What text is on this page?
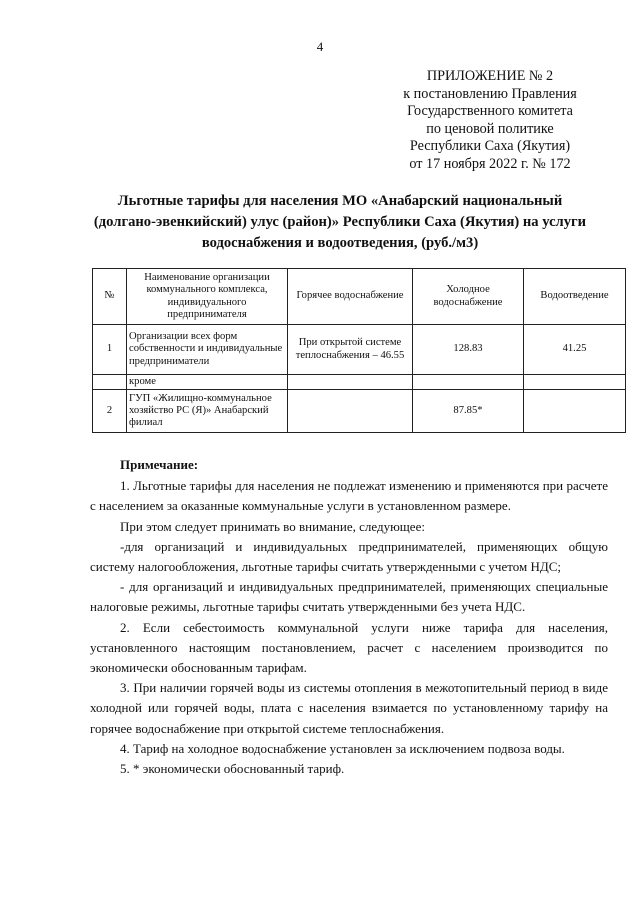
4
ПРИЛОЖЕНИЕ № 2
к постановлению Правления
Государственного комитета
по ценовой политике
Республики Саха (Якутия)
от 17 ноября 2022 г. № 172
Льготные тарифы для населения МО «Анабарский национальный (долгано-эвенкийский) улус (район)» Республики Саха (Якутия) на услуги водоснабжения и водоотведения, (руб./м3)
№	Наименование организации коммунального комплекса, индивидуального предпринимателя	Горячее водоснабжение	Холодное водоснабжение	Водоотведение
1	Организации всех форм собственности и индивидуальные предприниматели	При открытой системе теплоснабжения – 46.55	128.83	41.25
	кроме			
2	ГУП «Жилищно-коммунальное хозяйство РС (Я)» Анабарский филиал		87.85*	
Примечание:

1. Льготные тарифы для населения не подлежат изменению и применяются при расчете с населением за оказанные коммунальные услуги в установленном размере.

При этом следует принимать во внимание, следующее:

-для организаций и индивидуальных предпринимателей, применяющих общую систему налогообложения, льготные тарифы считать утвержденными с учетом НДС;

- для организаций и индивидуальных предпринимателей, применяющих специальные налоговые режимы, льготные тарифы считать утвержденными без учета НДС.

2. Если себестоимость коммунальной услуги ниже тарифа для населения, установленного настоящим постановлением, расчет с населением производится по экономически обоснованным тарифам.

3. При наличии горячей воды из системы отопления в межотопительный период в виде холодной или горячей воды, плата с населения взимается по установленному тарифу на горячее водоснабжение при открытой системе теплоснабжения.

4. Тариф на холодное водоснабжение установлен за исключением подвоза воды.

5. * экономически обоснованный тариф.
